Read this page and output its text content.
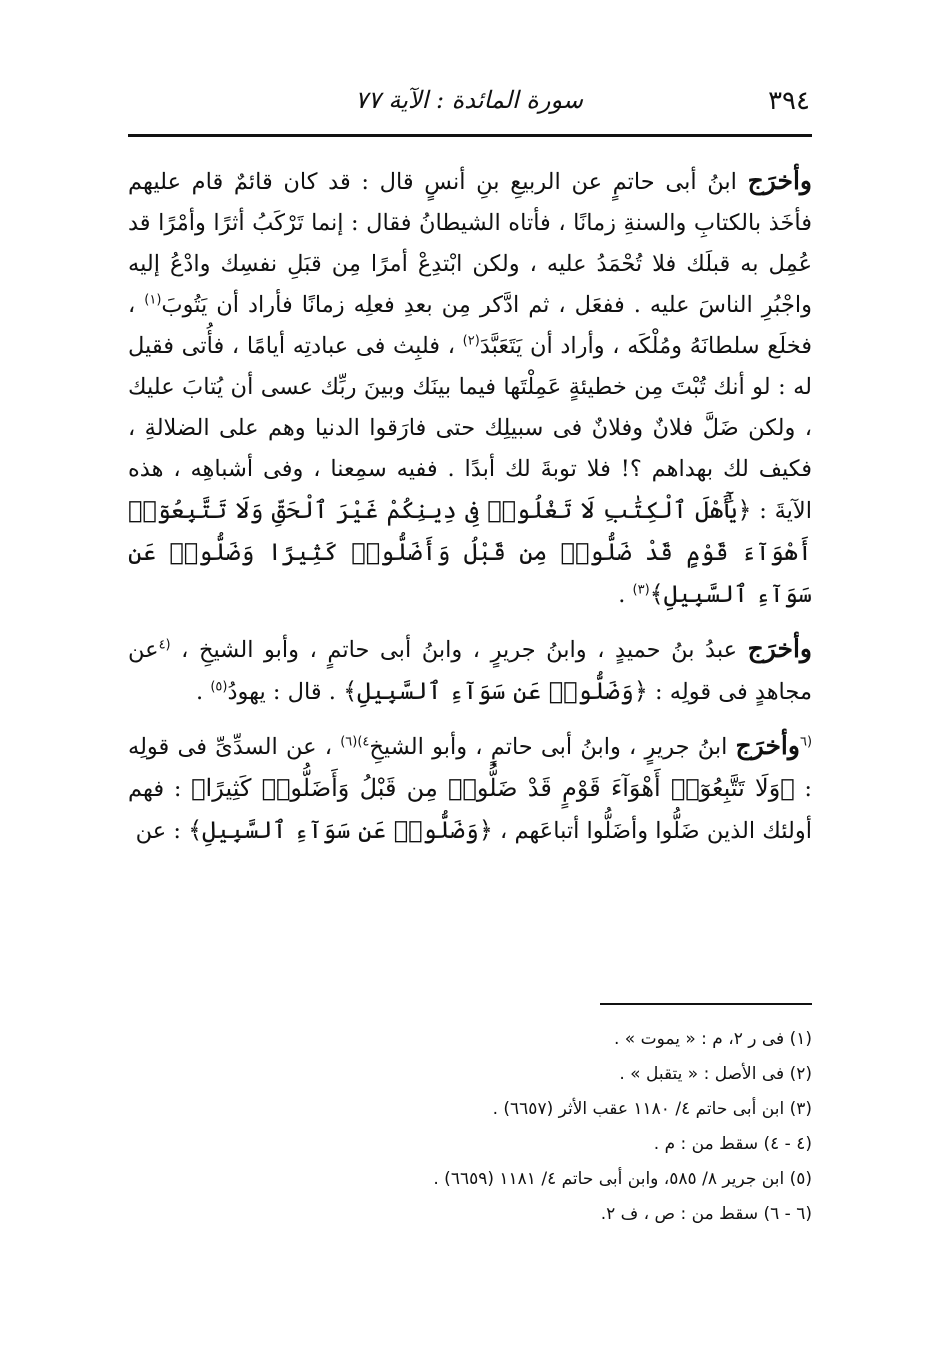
٣٩٤
سورة المائدة : الآية ٧٧

وأخرَج ابنُ أبى حاتمٍ عن الربيعِ بنِ أنسٍ قال : قد كان قائمٌ قام عليهم فأخَذ بالكتابِ والسنةِ زمانًا ، فأتاه الشيطانُ فقال : إنما تَرْكَبُ أثرًا وأمْرًا قد عُمِل به قبلَك فلا تُحْمَدُ عليه ، ولكن ابْتدِعْ أمرًا مِن قبَلِ نفسِك وادْعُ إليه واجْبُرِ الناسَ عليه . ففعَل ، ثم ادَّكر مِن بعدِ فعلِه زمانًا فأراد أن يَتُوبَ$^{(١)}$ ، فخلَع سلطانَهُ ومُلْكَه ، وأراد أن يَتَعَبَّدَ$^{(٢)}$ ، فلبِث فى عبادتِه أيامًا ، فأُتى فقيل له : لو أنك تُبْتَ مِن خطيئةٍ عَمِلْتَها فيما بينَك وبينَ ربِّك عسى أن يُتابَ عليك ، ولكن ضَلَّ فلانٌ وفلانٌ فى سبيلِك حتى فارَقوا الدنيا وهم على الضلالةِ ، فكيف لك بهداهم ؟! فلا توبةَ لك أبدًا . ففيه سمِعنا ، وفى أشباهِه ، هذه الآيةَ : ﴿يَٰٓأَهْلَ ٱلْكِتَٰبِ لَا تَغْلُوا۟ فِى دِينِكُمْ غَيْرَ ٱلْحَقِّ وَلَا تَتَّبِعُوٓا۟ أَهْوَآءَ قَوْمٍ قَدْ ضَلُّوا۟ مِن قَبْلُ وَأَضَلُّوا۟ كَثِيرًا وَضَلُّوا۟ عَن سَوَآءِ ٱلسَّبِيلِ﴾$^{(٣)}$ .

وأخرَج عبدُ بنُ حميدٍ ، وابنُ جريرٍ ، وابنُ أبى حاتمٍ ، وأبو الشيخِ ، $^{(٤}$عن مجاهدٍ فى قولِه : ﴿وَضَلُّوا۟ عَن سَوَآءِ ٱلسَّبِيلِ﴾ . قال : يهودُ$^{(٥)}$ .

$^{(٦}$وأخرَج ابنُ جريرٍ ، وابنُ أبى حاتمٍ ، وأبو الشيخِ$^{٤)(٦)}$ ، عن السدِّىِّ فى قولِه : ﴿وَلَا تَتَّبِعُوٓا۟ أَهْوَآءَ قَوْمٍ قَدْ ضَلُّوا۟ مِن قَبْلُ وَأَضَلُّوا۟ كَثِيرًا﴾ : فهم أولئك الذين ضَلُّوا وأضَلُّوا أتباعَهم ، ﴿وَضَلُّوا۟ عَن سَوَآءِ ٱلسَّبِيلِ﴾ : عن

(١) فى ر ٢، م : « يموت » .
(٢) فى الأصل : « يتقبل » .
(٣) ابن أبى حاتم ٤/ ١١٨٠ عقب الأثر (٦٦٥٧) .
(٤ - ٤) سقط من : م .
(٥) ابن جرير ٨/ ٥٨٥، وابن أبى حاتم ٤/ ١١٨١ (٦٦٥٩) .
(٦ - ٦) سقط من : ص ، ف ٢.
